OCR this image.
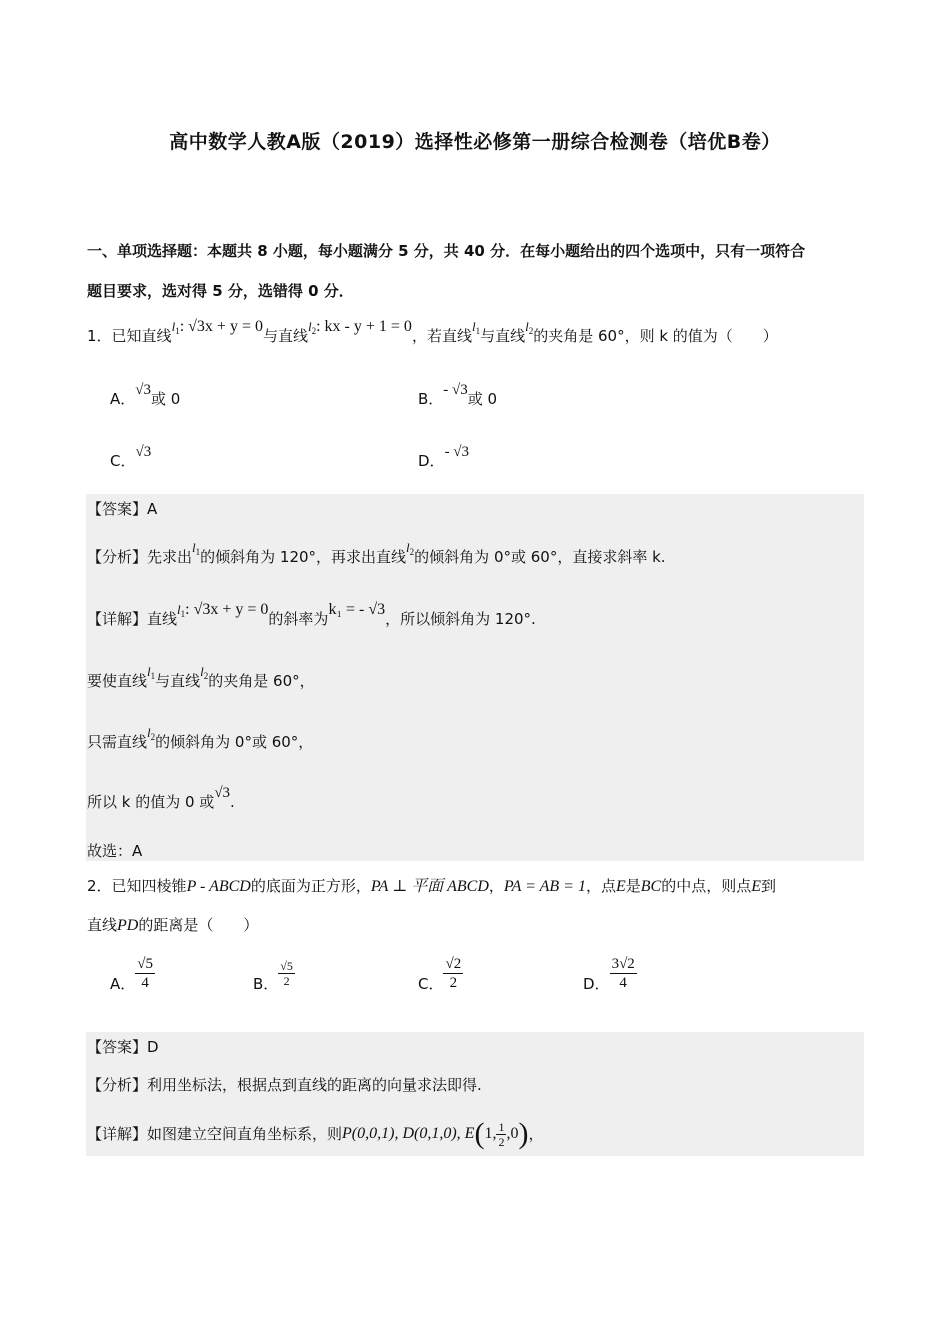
高中数学人教A版（2019）选择性必修第一册综合检测卷（培优B卷）
一、单项选择题：本题共 8 小题，每小题满分 5 分，共 40 分．在每小题给出的四个选项中，只有一项符合
题目要求，选对得 5 分，选错得 0 分．
1．已知直线$l_1$: √3x + y = 0与直线$l_2$: kx - y + 1 = 0，若直线$l_1$与直线$l_2$的夹角是 60°，则 k 的值为（　　）
A．√3或 0	B．- √3或 0
C．√3	D．- √3
【答案】A
【分析】先求出$l_1$的倾斜角为 120°，再求出直线$l_2$的倾斜角为 0°或 60°，直接求斜率 k.
【详解】直线$l_1$: √3x + y = 0的斜率为k₁ = - √3，所以倾斜角为 120°.
要使直线$l_1$与直线$l_2$的夹角是 60°，
只需直线$l_2$的倾斜角为 0°或 60°，
所以 k 的值为 0 或√3.
故选：A
2．已知四棱锥P - ABCD的底面为正方形，PA ⊥ 平面 ABCD，PA = AB = 1，点E是BC的中点，则点E到
直线PD的距离是（　　）
A． $\frac{√5}{4}$	B． $\frac{√5}{2}$	C． $\frac{√2}{2}$	D． $\frac{3√2}{4}$
【答案】D
【分析】利用坐标法，根据点到直线的距离的向量求法即得.
【详解】如图建立空间直角坐标系，则 P(0,0,1), D(0,1,0), E ( 1, $\frac{1}{2} ,0$ ) ，
